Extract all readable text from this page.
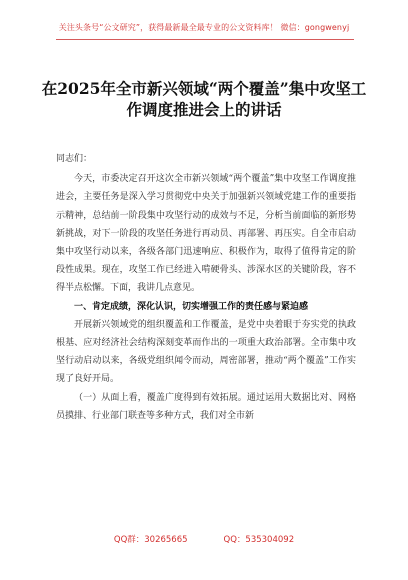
关注头条号“公文研究”，获得最新最全最专业的公文资料库！ 微信：gongwenyj
在2025年全市新兴领域“两个覆盖”集中攻坚工作调度推进会上的讲话

同志们：

今天，市委决定召开这次全市新兴领域“两个覆盖”集中攻坚工作调度推进会，主要任务是深入学习贯彻党中央关于加强新兴领域党建工作的重要指示精神，总结前一阶段集中攻坚行动的成效与不足，分析当前面临的新形势新挑战，对下一阶段的攻坚任务进行再动员、再部署、再压实。自全市启动集中攻坚行动以来，各级各部门迅速响应、积极作为，取得了值得肯定的阶段性成果。现在，攻坚工作已经进入啃硬骨头、涉深水区的关键阶段，容不得半点松懈。下面，我讲几点意见。

一、肯定成绩，深化认识，切实增强工作的责任感与紧迫感

开展新兴领域党的组织覆盖和工作覆盖，是党中央着眼于夯实党的执政根基、应对经济社会结构深刻变革而作出的一项重大政治部署。全市集中攻坚行动启动以来，各级党组织闻令而动，周密部署，推动“两个覆盖”工作实现了良好开局。

（一）从面上看，覆盖广度得到有效拓展。通过运用大数据比对、网格员摸排、行业部门联查等多种方式，我们对全市新

QQ群：30265665	QQ：535304092
